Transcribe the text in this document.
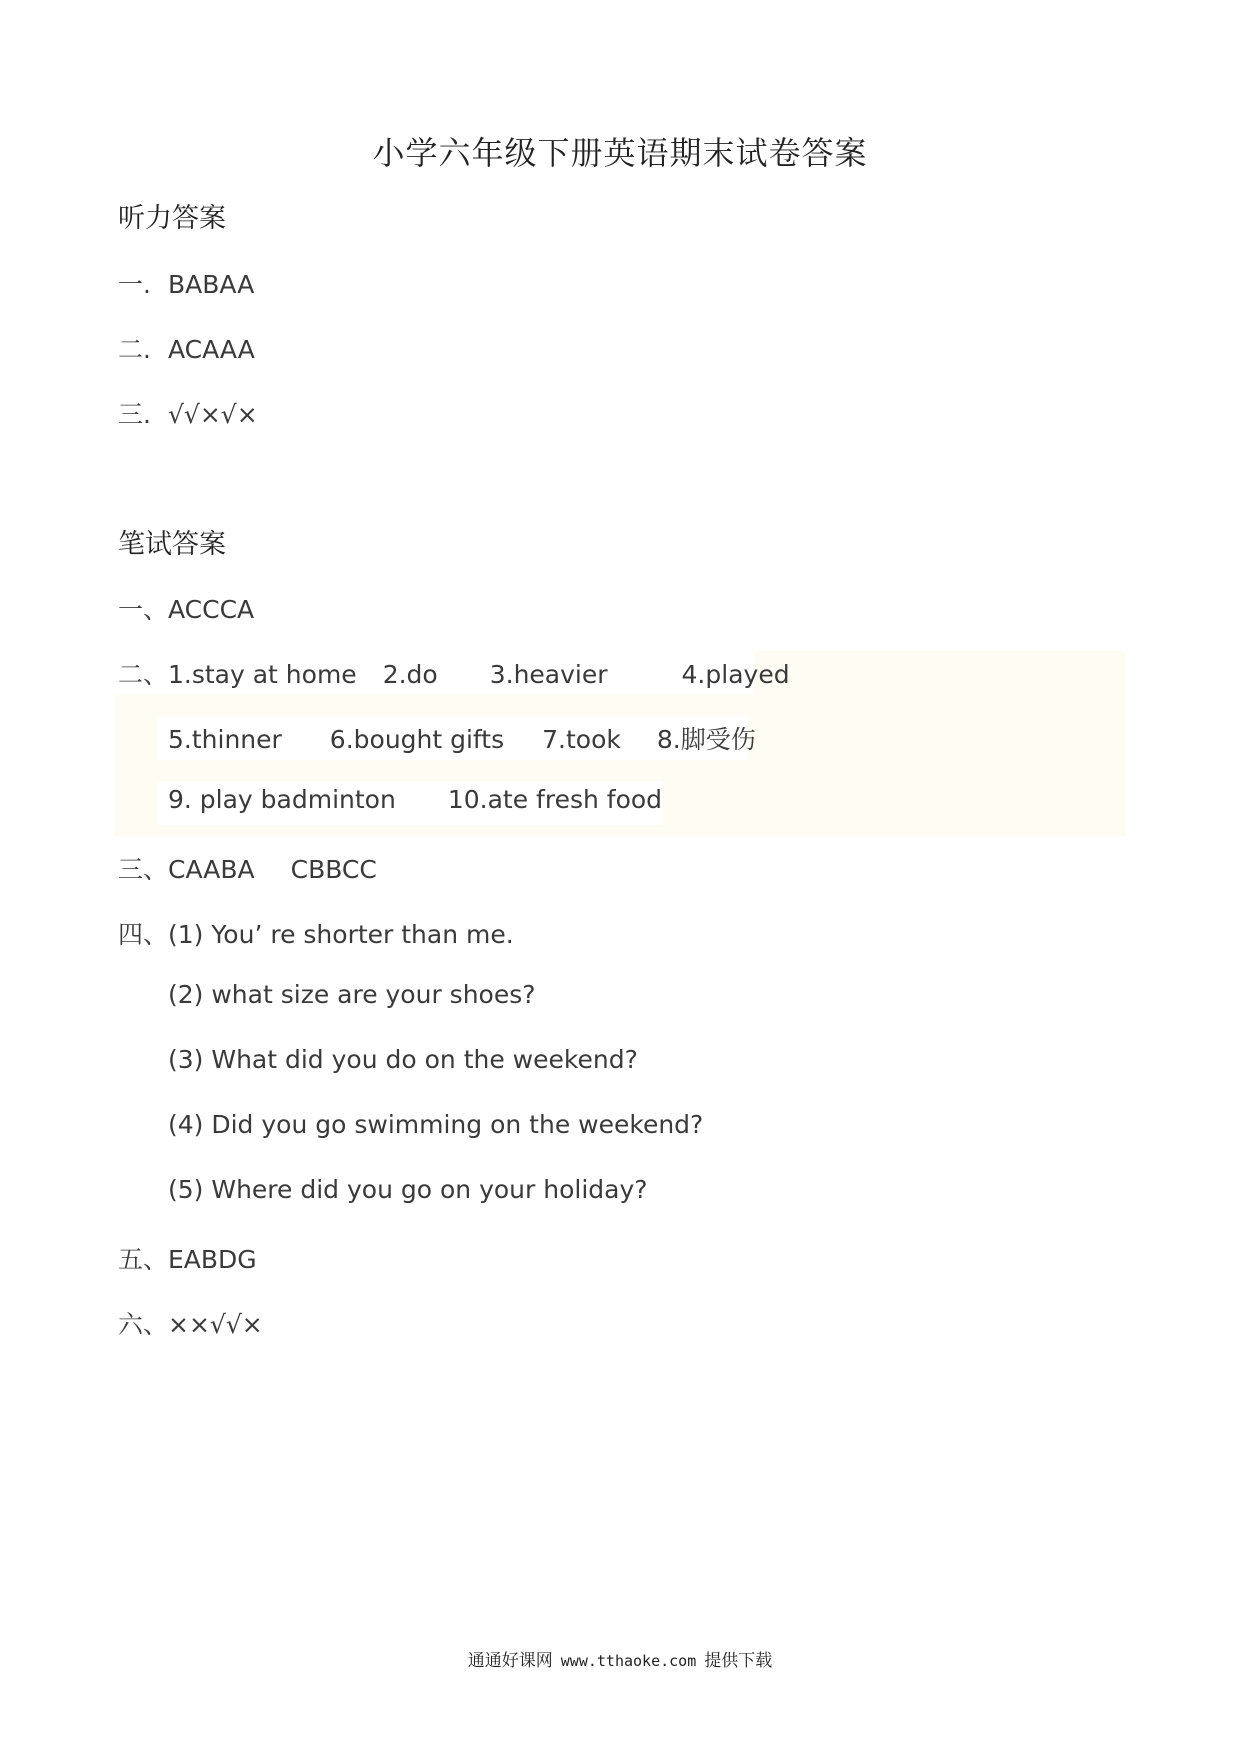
小学六年级下册英语期末试卷答案
听力答案
一. BABAA
二. ACAAA
三. √√×√×
笔试答案
一、ACCCA
二、1.stay at home 2.do 3.heavier	4.played
5.thinner 6.bought gifts 7.took 8.脚受伤
9. play badminton 10.ate fresh food
三、CAABA CBBCC
四、(1) You’ re shorter than me.
(2) what size are your shoes?
(3) What did you do on the weekend?
(4) Did you go swimming on the weekend?
(5) Where did you go on your holiday?
五、EABDG
六、××√√×
通通好课网 www.tthaoke.com 提供下载
